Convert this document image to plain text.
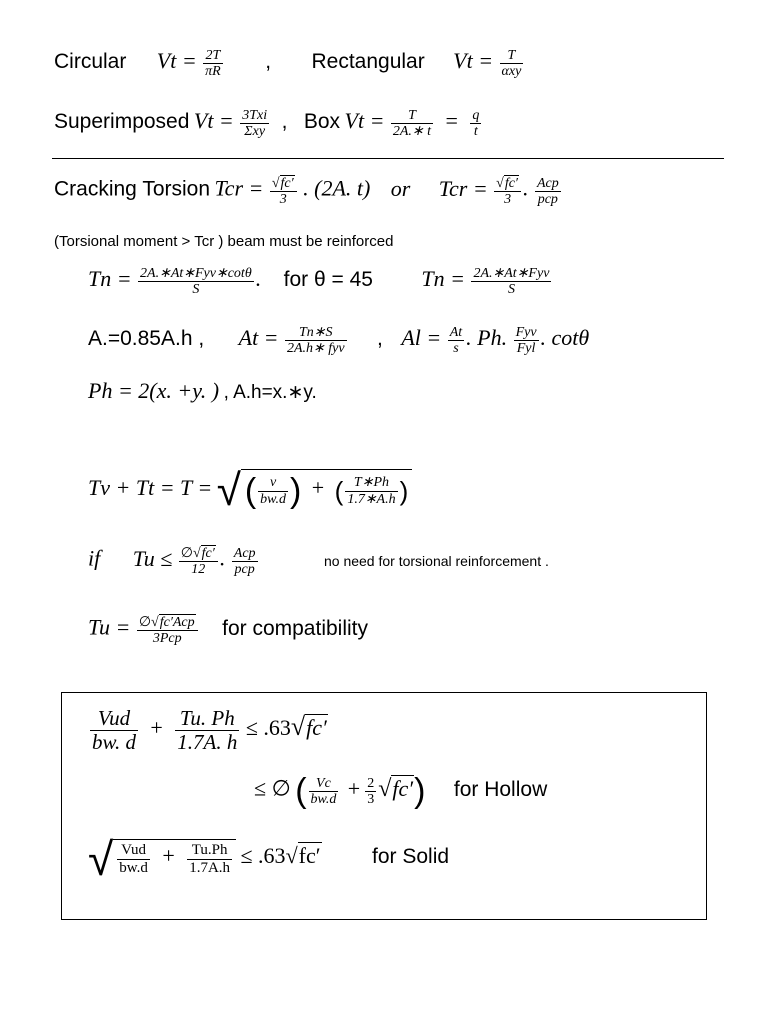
Circular $Vt = \frac{2T}{\pi R}$ , Rectangular $Vt = \frac{T}{\text{αxy}}$
Superimposed $Vt = \frac{\text{3Txi}}{\text{Σxy}}$ , Box $Vt = \frac{T}{2A.∗ t} = \frac{q}{t}$
Cracking Torsion Tcr = $\frac{√fc'}{3}$ . (2A. t) or Tcr = $\frac{√fc'}{3}$ . $\frac{\text{Acp}}{\text{pcp}}$
(Torsional moment > Tcr ) beam must be reinforced
$Tn = \frac{\text{2A.∗At∗Fyv∗cotθ}}{S}$ . for θ = 45 $Tn = \frac{\text{2A.∗At∗Fyv}}{S}$
A.=0.85A.h , $At = \frac{Tn∗S}{\text{2A.h∗ fyv}}$ , $Al = \frac{At}{s}$ . Ph. $\frac{\text{Fyv}}{\text{Fyl}}$ . cotθ
Ph = 2(x. +y. ) , A.h=x.∗y.
Tv + Tt = T = √ ( $\frac{v}{bw.d}$ ) + ( $\frac{T∗Ph}{1.7∗A.h}$ )
if $Tu \le \frac{\emptyset√fc'}{12}$ . $\frac{\text{Acp}}{\text{pcp}}$	no need for torsional reinforcement .
$Tu = \frac{\text{∅√fc′Acp}}{\text{3Pcp}}$ for compatibility
$\frac{\text{Vud}}{bw. d} + \frac{Tu. Ph}{1.7A. h} \le .63√fc'$
≤ ∅ ( $\frac{Vc}{bw.d} + \frac{2}{3} √fc'$) for Hollow
√ $\frac{\text{Vud}}{bw.d} + \frac{Tu.Ph}{1.7A.h} \le .63√fc'$ for Solid
